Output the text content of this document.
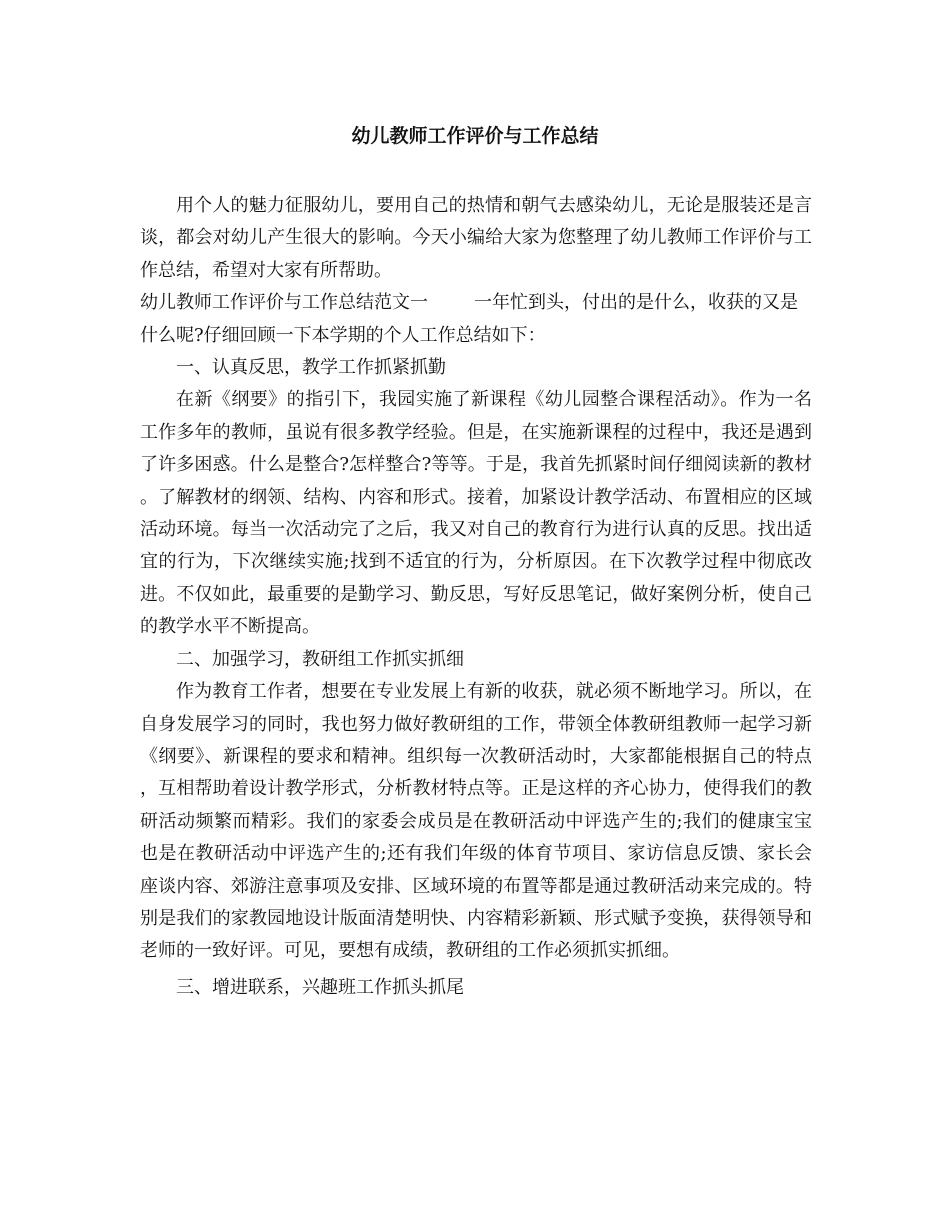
幼儿教师工作评价与工作总结

用个人的魅力征服幼儿，要用自己的热情和朝气去感染幼儿，无论是服装还是言谈，都会对幼儿产生很大的影响。今天小编给大家为您整理了幼儿教师工作评价与工作总结，希望对大家有所帮助。

幼儿教师工作评价与工作总结范文一	一年忙到头，付出的是什么，收获的又是

什么呢?仔细回顾一下本学期的个人工作总结如下：

一、认真反思，教学工作抓紧抓勤

在新《纲要》的指引下，我园实施了新课程《幼儿园整合课程活动》。作为一名工作多年的教师，虽说有很多教学经验。但是，在实施新课程的过程中，我还是遇到了许多困惑。什么是整合?怎样整合?等等。于是，我首先抓紧时间仔细阅读新的教材。了解教材的纲领、结构、内容和形式。接着，加紧设计教学活动、布置相应的区域活动环境。每当一次活动完了之后，我又对自己的教育行为进行认真的反思。找出适宜的行为，下次继续实施;找到不适宜的行为，分析原因。在下次教学过程中彻底改进。不仅如此，最重要的是勤学习、勤反思，写好反思笔记，做好案例分析，使自己的教学水平不断提高。

二、加强学习，教研组工作抓实抓细

作为教育工作者，想要在专业发展上有新的收获，就必须不断地学习。所以，在自身发展学习的同时，我也努力做好教研组的工作，带领全体教研组教师一起学习新《纲要》、新课程的要求和精神。组织每一次教研活动时，大家都能根据自己的特点，互相帮助着设计教学形式，分析教材特点等。正是这样的齐心协力，使得我们的教研活动频繁而精彩。我们的家委会成员是在教研活动中评选产生的;我们的健康宝宝也是在教研活动中评选产生的;还有我们年级的体育节项目、家访信息反馈、家长会座谈内容、郊游注意事项及安排、区域环境的布置等都是通过教研活动来完成的。特别是我们的家教园地设计版面清楚明快、内容精彩新颖、形式赋予变换，获得领导和老师的一致好评。可见，要想有成绩，教研组的工作必须抓实抓细。

三、增进联系，兴趣班工作抓头抓尾
